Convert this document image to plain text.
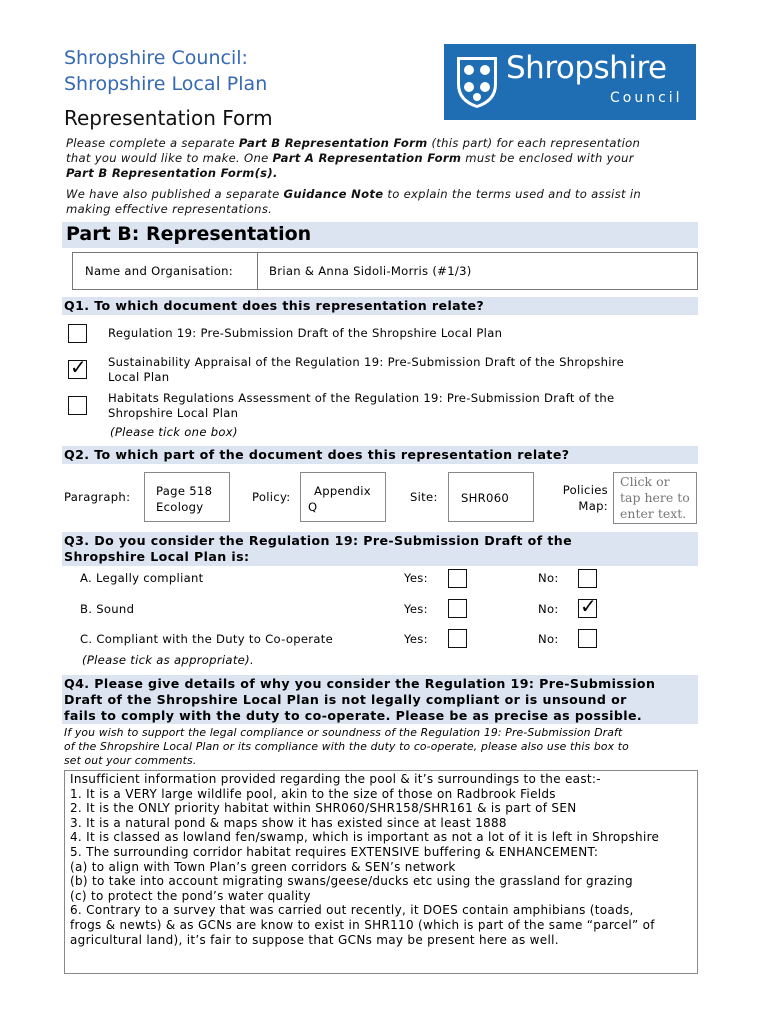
Shropshire Council:
Shropshire Local Plan
Representation Form
Shropshire
Council
Please complete a separate Part B Representation Form (this part) for each representation
that you would like to make. One Part A Representation Form must be enclosed with your
Part B Representation Form(s).
We have also published a separate Guidance Note to explain the terms used and to assist in
making effective representations.
Part B: Representation
Name and Organisation:	Brian & Anna Sidoli-Morris (#1/3)
Q1. To which document does this representation relate?
Regulation 19: Pre-Submission Draft of the Shropshire Local Plan
✓ Sustainability Appraisal of the Regulation 19: Pre-Submission Draft of the Shropshire
Local Plan
Habitats Regulations Assessment of the Regulation 19: Pre-Submission Draft of the
Shropshire Local Plan
(Please tick one box)
Q2. To which part of the document does this representation relate?
Paragraph: Page 518
Ecology
Policy:	Appendix
Q
Site: SHR060
Policies
Map:
Click or
tap here to
enter text.
Q3. Do you consider the Regulation 19: Pre-Submission Draft of the
Shropshire Local Plan is:
A. Legally compliant	Yes:	No:
B. Sound	Yes:	No: ✓
C. Compliant with the Duty to Co-operate	Yes:	No:
(Please tick as appropriate).
Q4. Please give details of why you consider the Regulation 19: Pre-Submission
Draft of the Shropshire Local Plan is not legally compliant or is unsound or
fails to comply with the duty to co-operate. Please be as precise as possible.
If you wish to support the legal compliance or soundness of the Regulation 19: Pre-Submission Draft
of the Shropshire Local Plan or its compliance with the duty to co-operate, please also use this box to
set out your comments.
Insufficient information provided regarding the pool & it’s surroundings to the east:-
1. It is a VERY large wildlife pool, akin to the size of those on Radbrook Fields
2. It is the ONLY priority habitat within SHR060/SHR158/SHR161 & is part of SEN
3. It is a natural pond & maps show it has existed since at least 1888
4. It is classed as lowland fen/swamp, which is important as not a lot of it is left in Shropshire
5. The surrounding corridor habitat requires EXTENSIVE buffering & ENHANCEMENT:
(a) to align with Town Plan’s green corridors & SEN’s network
(b) to take into account migrating swans/geese/ducks etc using the grassland for grazing
(c) to protect the pond’s water quality
6. Contrary to a survey that was carried out recently, it DOES contain amphibians (toads,
frogs & newts) & as GCNs are know to exist in SHR110 (which is part of the same “parcel” of
agricultural land), it’s fair to suppose that GCNs may be present here as well.
